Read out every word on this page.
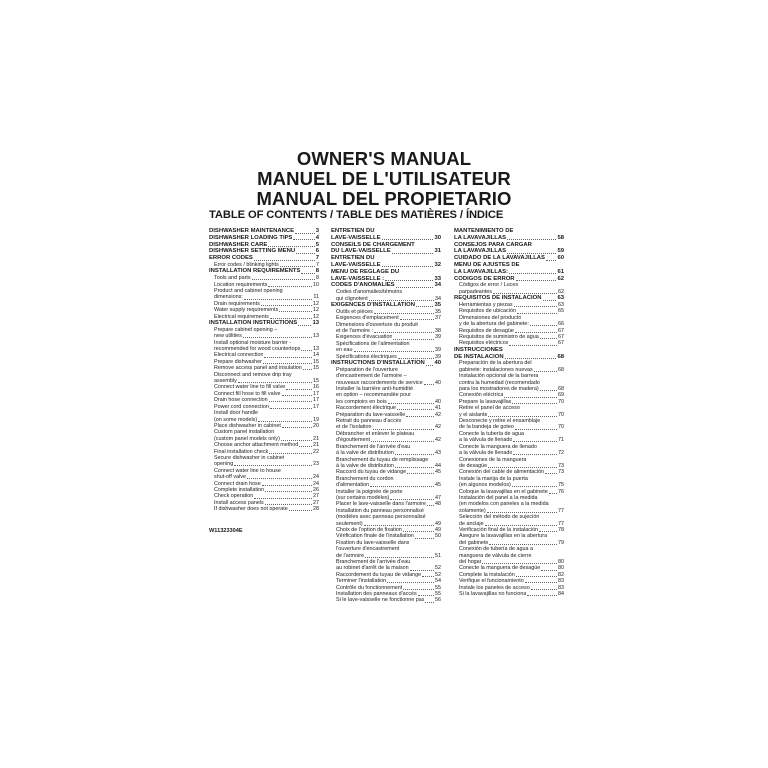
OWNER'S MANUAL
MANUEL DE L'UTILISATEUR
MANUAL DEL PROPIETARIO
TABLE OF CONTENTS / TABLE DES MATIÈRES / ÍNDICE
DISHWASHER MAINTENANCE	3
DISHWASHER LOADING TIPS	4
DISHWASHER CARE	5
DISHWASHER SETTING MENU	6
ERROR CODES	7
Error codes / blinking lights	7
INSTALLATION REQUIREMENTS	8
Tools and parts	8
Location requirements	10
Product and cabinet opening
dimensions:	11
Drain requirements	12
Water supply requirements	12
Electrical requirements	12
INSTALLATION INSTRUCTIONS	13
Prepare cabinet opening –
new utilities	13
Install optional moisture barrier -
recommended for wood countertops 13
Electrical connection	14
Prepare dishwasher	15
Remove access panel and insulation 15
Disconnect and remove drip tray
assembly	15
Connect water line to fill valve	16
Connect fill hose to fill valve	17
Drain hose connection	17
Power cord connection	17
Install door handle
(on some models)	19
Place dishwasher in cabinet	20
Custom panel installation
(custom panel models only)	21
Choose anchor attachment method	21
Final installation check	22
Secure dishwasher in cabinet
opening	23
Connect water line to house
shut-off valve	24
Connect drain hose	24
Complete installation	26
Check operation	27
Install access panels	27
If dishwasher does not operate	28
ENTRETIEN DU
LAVE-VAISSELLE	30
CONSEILS DE CHARGEMENT
DU LAVE-VAISSELLE	31
ENTRETIEN DU
LAVE-VAISSELLE	32
MENU DE RÉGLAGE DU
LAVE-VAISSELLE :	33
CODES D'ANOMALIES	34
Codes d'anomalies/témoins
qui clignotent	34
EXIGENCES D'INSTALLATION	35
Outils et pièces	35
Exigences d'emplacement	37
Dimensions d'ouverture du produit
et de l'armoire :	38
Exigences d'évacuation	39
Spécifications de l'alimentation
en eau	39
Spécifications électriques	39
INSTRUCTIONS D'INSTALLATION 40
Préparation de l'ouverture
d'encastrement de l'armoire –
nouveaux raccordements de service 40
Installer la barrière anti-humidité
en option – recommandée pour
les comptoirs en bois	40
Raccordement électrique	41
Préparation du lave-vaisselle	42
Retrait du panneau d'accès
et de l'isolation	42
Débrancher et enlever le plateau
d'égouttement	42
Branchement de l'arrivée d'eau
à la valve de distribution	43
Branchement du tuyau de remplissage
à la valve de distribution	44
Raccord du tuyau de vidange	45
Branchement du cordon
d'alimentation	45
Installer la poignée de porte
(sur certains modèles)	47
Placer le lave-vaisselle dans l'armoire 48
Installation du panneau personnalisé
(modèles avec panneau personnalisé
seulement)	49
Choix de l'option de fixation	49
Vérification finale de l'installation	50
Fixation du lave-vaisselle dans
l'ouverture d'encastrement
de l'armoire	51
Branchement de l'arrivée d'eau
au robinet d'arrêt de la maison	52
Raccordement du tuyau de vidange	52
Terminer l'installation	54
Contrôle du fonctionnement	55
Installation des panneaux d'accès	55
Si le lave-vaisselle ne fonctionne pas 56
MANTENIMIENTO DE
LA LAVAVAJILLAS	58
CONSEJOS PARA CARGAR
LA LAVAVAJILLAS	59
CUIDADO DE LA LAVAVAJILLAS 60
MENÚ DE AJUSTES DE
LA LAVAVAJILLAS:	61
CÓDIGOS DE ERROR	62
Códigos de error / Luces
parpadeantes	62
REQUISITOS DE INSTALACIÓN	63
Herramientas y piezas	63
Requisitos de ubicación	65
Dimensiones del producto
y de la abertura del gabinete:	66
Requisitos de desagüe	67
Requisitos de suministro de agua	67
Requisitos eléctricos	67
INSTRUCCIONES
DE INSTALACIÓN	68
Preparación de la abertura del
gabinete: instalaciones nuevas	68
Instalación opcional de la barrera
contra la humedad (recomendado
para los mostradores de madera)	68
Conexión eléctrica	69
Prepare la lavavajillas	70
Retire el panel de acceso
y el aislante	70
Desconecte y retire el ensamblaje
de la bandeja de goteo	70
Conecte la tubería de agua
a la válvula de llenado	71
Conecte la manguera de llenado
a la válvula de llenado	72
Conexiones de la manguera
de desagüe	73
Conexión del cable de alimentación	73
Instale la manija de la puerta
(en algunos modelos)	75
Coloque la lavavajillas en el gabinete 76
Instalación del panel a la medida
(en modelos con paneles a la medida
solamente)	77
Selección del método de sujeción
de anclaje	77
Verificación final de la instalación	78
Asegure la lavavajillas en la abertura
del gabinete	79
Conexión de tubería de agua a
manguera de válvula de cierre
del hogar	80
Conecte la manguera de desagüe	80
Complete la instalación	82
Verifique el funcionamiento	83
Instale los paneles de acceso	83
Si la lavavajillas no funciona	84
W11323304E
